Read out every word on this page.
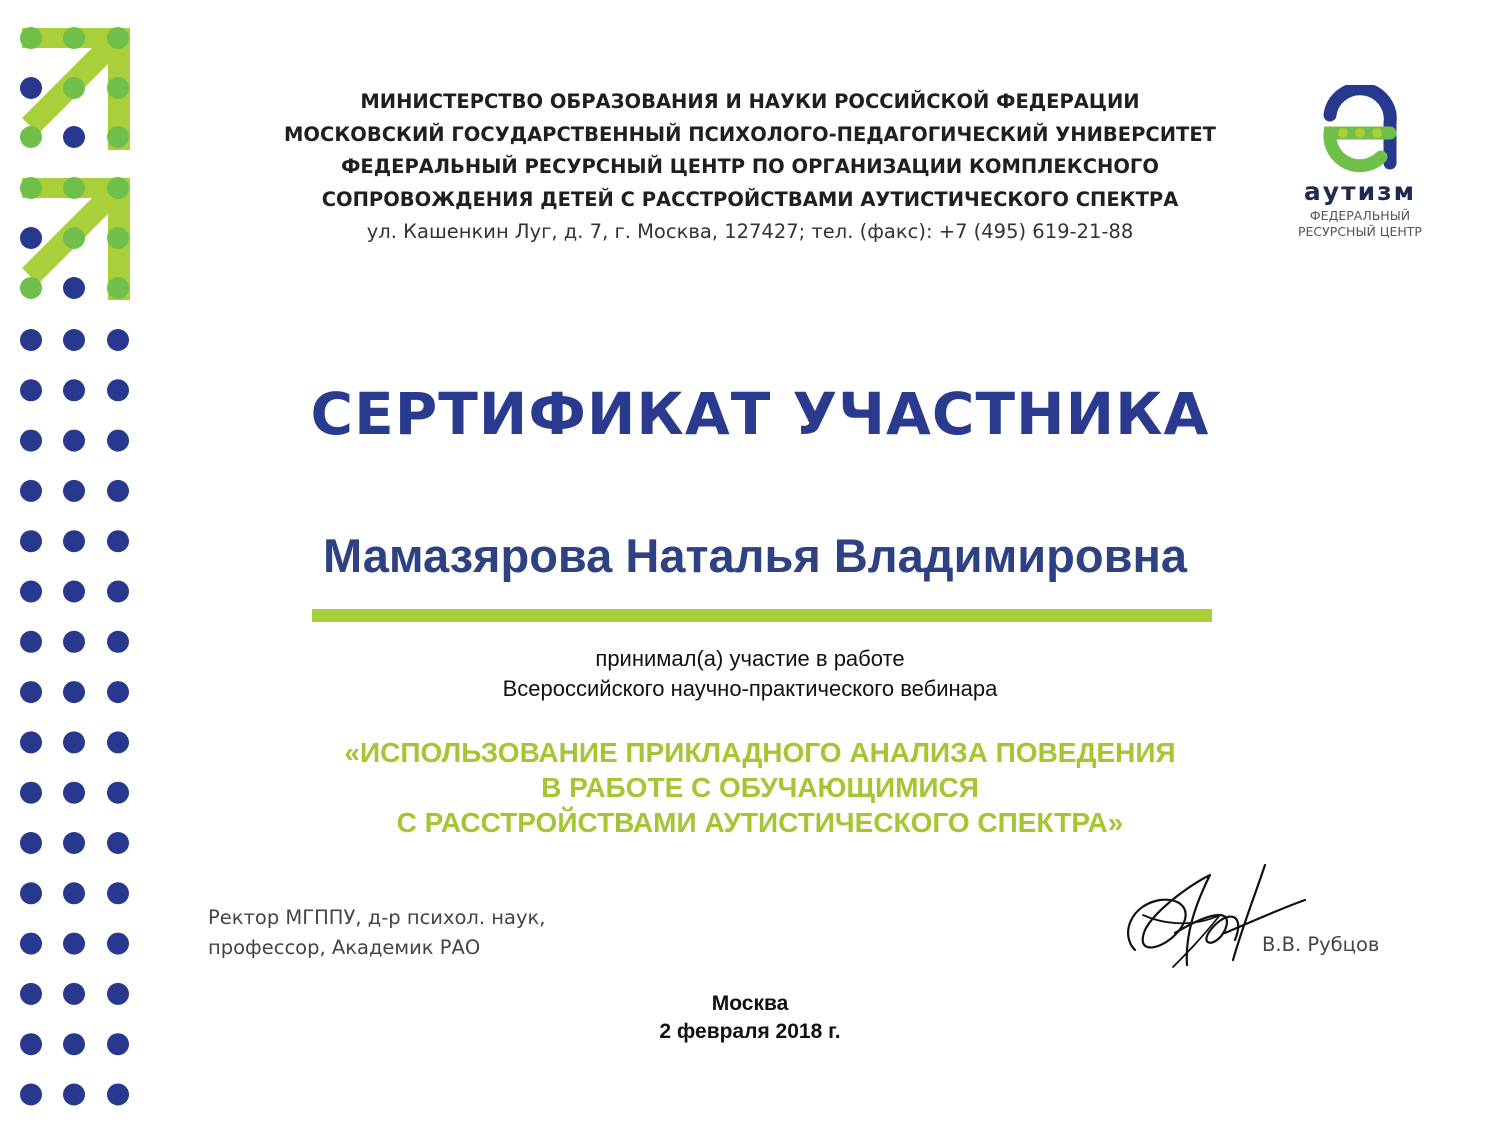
МИНИСТЕРСТВО ОБРАЗОВАНИЯ И НАУКИ РОССИЙСКОЙ ФЕДЕРАЦИИ
МОСКОВСКИЙ ГОСУДАРСТВЕННЫЙ ПСИХОЛОГО-ПЕДАГОГИЧЕСКИЙ УНИВЕРСИТЕТ
ФЕДЕРАЛЬНЫЙ РЕСУРСНЫЙ ЦЕНТР ПО ОРГАНИЗАЦИИ КОМПЛЕКСНОГО
СОПРОВОЖДЕНИЯ ДЕТЕЙ С РАССТРОЙСТВАМИ АУТИСТИЧЕСКОГО СПЕКТРА
ул. Кашенкин Луг, д. 7, г. Москва, 127427; тел. (факс): +7 (495) 619-21-88
аутизм
ФЕДЕРАЛЬНЫЙ
РЕСУРСНЫЙ ЦЕНТР
СЕРТИФИКАТ УЧАСТНИКА
Мамазярова Наталья Владимировна
принимал(а) участие в работе
Всероссийского научно-практического вебинара
«ИСПОЛЬЗОВАНИЕ ПРИКЛАДНОГО АНАЛИЗА ПОВЕДЕНИЯ
В РАБОТЕ С ОБУЧАЮЩИМИСЯ
С РАССТРОЙСТВАМИ АУТИСТИЧЕСКОГО СПЕКТРА»
Ректор МГППУ, д-р психол. наук,
профессор, Академик РАО	В.В. Рубцов
Москва
2 февраля 2018 г.
